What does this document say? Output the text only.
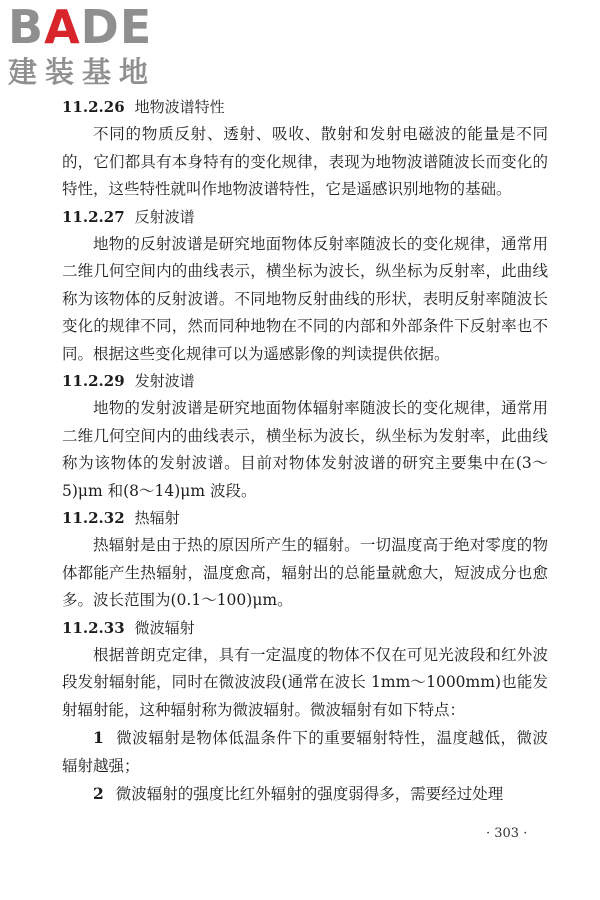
BADE
建装基地
11.2.26 地物波谱特性

不同的物质反射、透射、吸收、散射和发射电磁波的能量是不同的，它们都具有本身特有的变化规律，表现为地物波谱随波长而变化的特性，这些特性就叫作地物波谱特性，它是遥感识别地物的基础。

11.2.27 反射波谱

地物的反射波谱是研究地面物体反射率随波长的变化规律，通常用二维几何空间内的曲线表示，横坐标为波长，纵坐标为反射率，此曲线称为该物体的反射波谱。不同地物反射曲线的形状，表明反射率随波长变化的规律不同，然而同种地物在不同的内部和外部条件下反射率也不同。根据这些变化规律可以为遥感影像的判读提供依据。

11.2.29 发射波谱

地物的发射波谱是研究地面物体辐射率随波长的变化规律，通常用二维几何空间内的曲线表示，横坐标为波长，纵坐标为发射率，此曲线称为该物体的发射波谱。目前对物体发射波谱的研究主要集中在(3～5)μm 和(8～14)μm 波段。

11.2.32 热辐射

热辐射是由于热的原因所产生的辐射。一切温度高于绝对零度的物体都能产生热辐射，温度愈高，辐射出的总能量就愈大，短波成分也愈多。波长范围为(0.1～100)μm。

11.2.33 微波辐射

根据普朗克定律，具有一定温度的物体不仅在可见光波段和红外波段发射辐射能，同时在微波波段(通常在波长 1mm～1000mm)也能发射辐射能，这种辐射称为微波辐射。微波辐射有如下特点：

1 微波辐射是物体低温条件下的重要辐射特性，温度越低，微波辐射越强；

2 微波辐射的强度比红外辐射的强度弱得多，需要经过处理

· 303 ·
